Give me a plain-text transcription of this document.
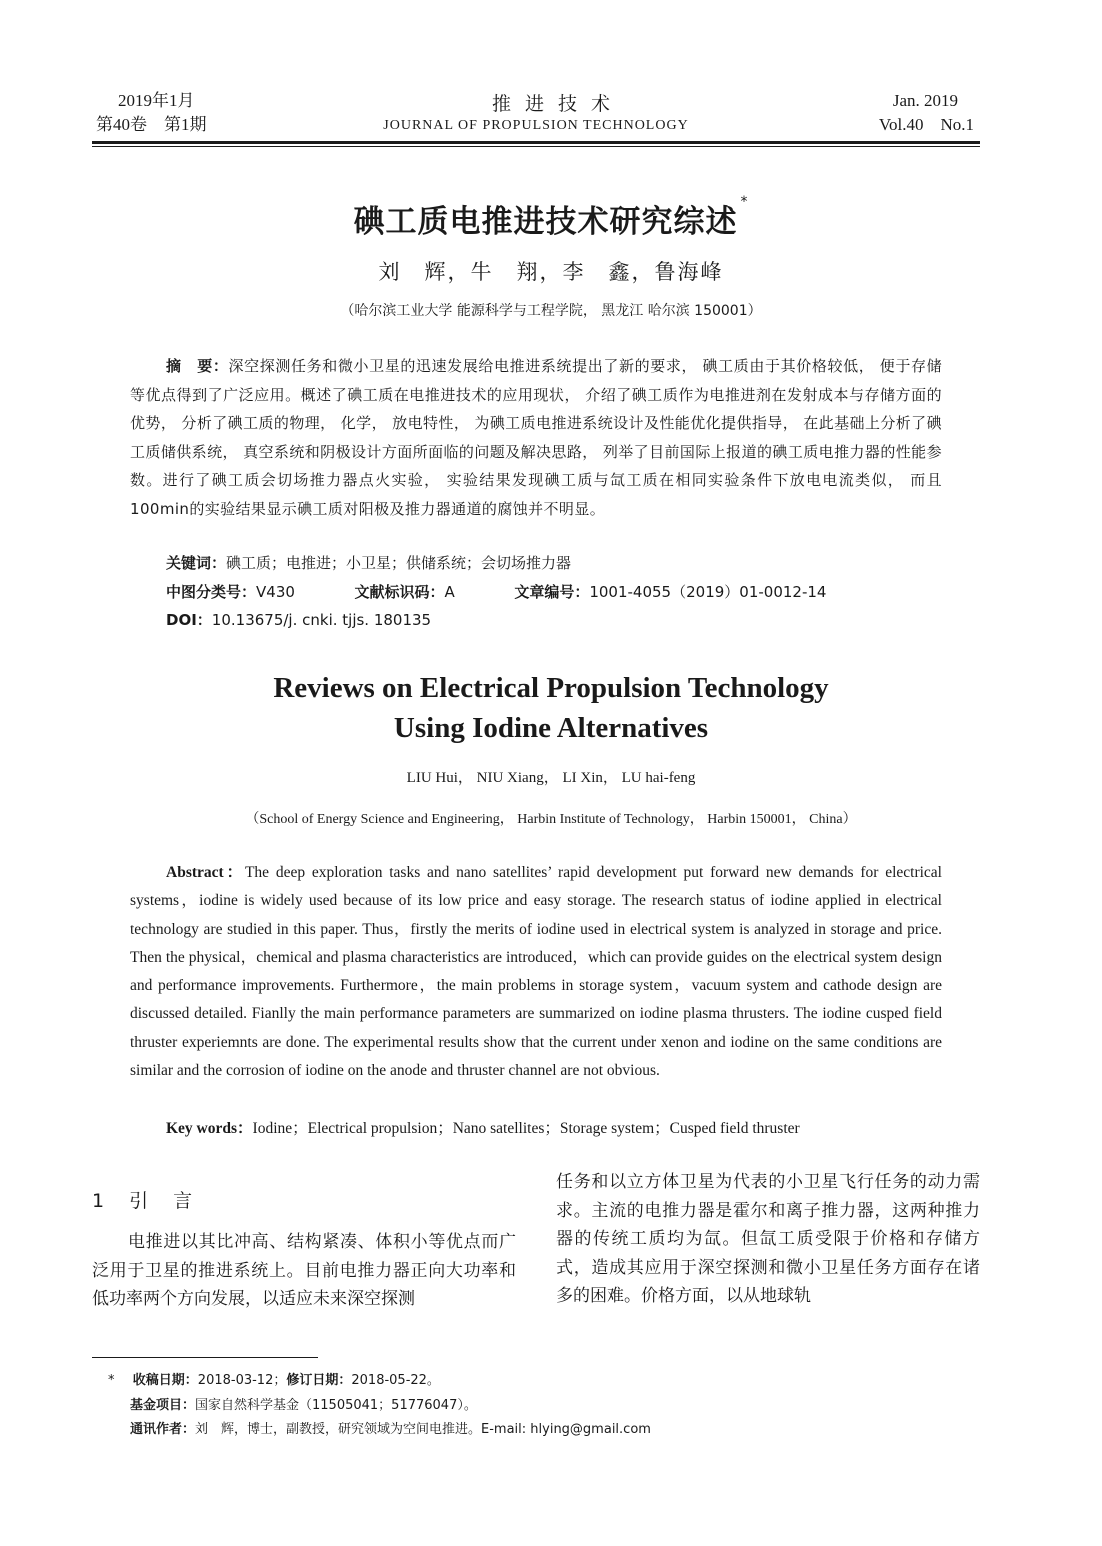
2019年1月
第40卷　第1期
推进技术
JOURNAL OF PROPULSION TECHNOLOGY
Jan. 2019
Vol.40　No.1
碘工质电推进技术研究综述*
刘　辉，牛　翔，李　鑫，鲁海峰
（哈尔滨工业大学 能源科学与工程学院， 黑龙江 哈尔滨 150001）
摘　要：深空探测任务和微小卫星的迅速发展给电推进系统提出了新的要求， 碘工质由于其价格较低， 便于存储等优点得到了广泛应用。概述了碘工质在电推进技术的应用现状， 介绍了碘工质作为电推进剂在发射成本与存储方面的优势， 分析了碘工质的物理， 化学， 放电特性， 为碘工质电推进系统设计及性能优化提供指导， 在此基础上分析了碘工质储供系统， 真空系统和阴极设计方面所面临的问题及解决思路， 列举了目前国际上报道的碘工质电推力器的性能参数。进行了碘工质会切场推力器点火实验， 实验结果发现碘工质与氙工质在相同实验条件下放电电流类似， 而且100min的实验结果显示碘工质对阳极及推力器通道的腐蚀并不明显。
关键词：碘工质；电推进；小卫星；供储系统；会切场推力器
中图分类号：V430	文献标识码：A	文章编号：1001-4055（2019）01-0012-14
DOI：10.13675/j. cnki. tjjs. 180135
Reviews on Electrical Propulsion Technology
Using Iodine Alternatives
LIU Hui， NIU Xiang， LI Xin， LU hai-feng
（School of Energy Science and Engineering， Harbin Institute of Technology， Harbin 150001， China）
Abstract：The deep exploration tasks and nano satellites’ rapid development put forward new demands for electrical systems，iodine is widely used because of its low price and easy storage. The research status of iodine applied in electrical technology are studied in this paper. Thus，firstly the merits of iodine used in electrical system is analyzed in storage and price. Then the physical，chemical and plasma characteristics are introduced，which can provide guides on the electrical system design and performance improvements. Furthermore，the main problems in storage system，vacuum system and cathode design are discussed detailed. Fianlly the main performance parameters are summarized on iodine plasma thrusters. The iodine cusped field thruster experiemnts are done. The experimental results show that the current under xenon and iodine on the same conditions are similar and the corrosion of iodine on the anode and thruster channel are not obvious.
Key words：Iodine；Electrical propulsion；Nano satellites；Storage system；Cusped field thruster
1　引　言
电推进以其比冲高、结构紧凑、体积小等优点而广泛用于卫星的推进系统上。目前电推力器正向大功率和低功率两个方向发展，以适应未来深空探测
任务和以立方体卫星为代表的小卫星飞行任务的动力需求。主流的电推力器是霍尔和离子推力器，这两种推力器的传统工质均为氙。但氙工质受限于价格和存储方式，造成其应用于深空探测和微小卫星任务方面存在诸多的困难。价格方面，以从地球轨
* 收稿日期：2018-03-12；修订日期：2018-05-22。
基金项目：国家自然科学基金（11505041；51776047）。
通讯作者：刘　辉，博士，副教授，研究领域为空间电推进。E-mail: hlying@gmail.com
